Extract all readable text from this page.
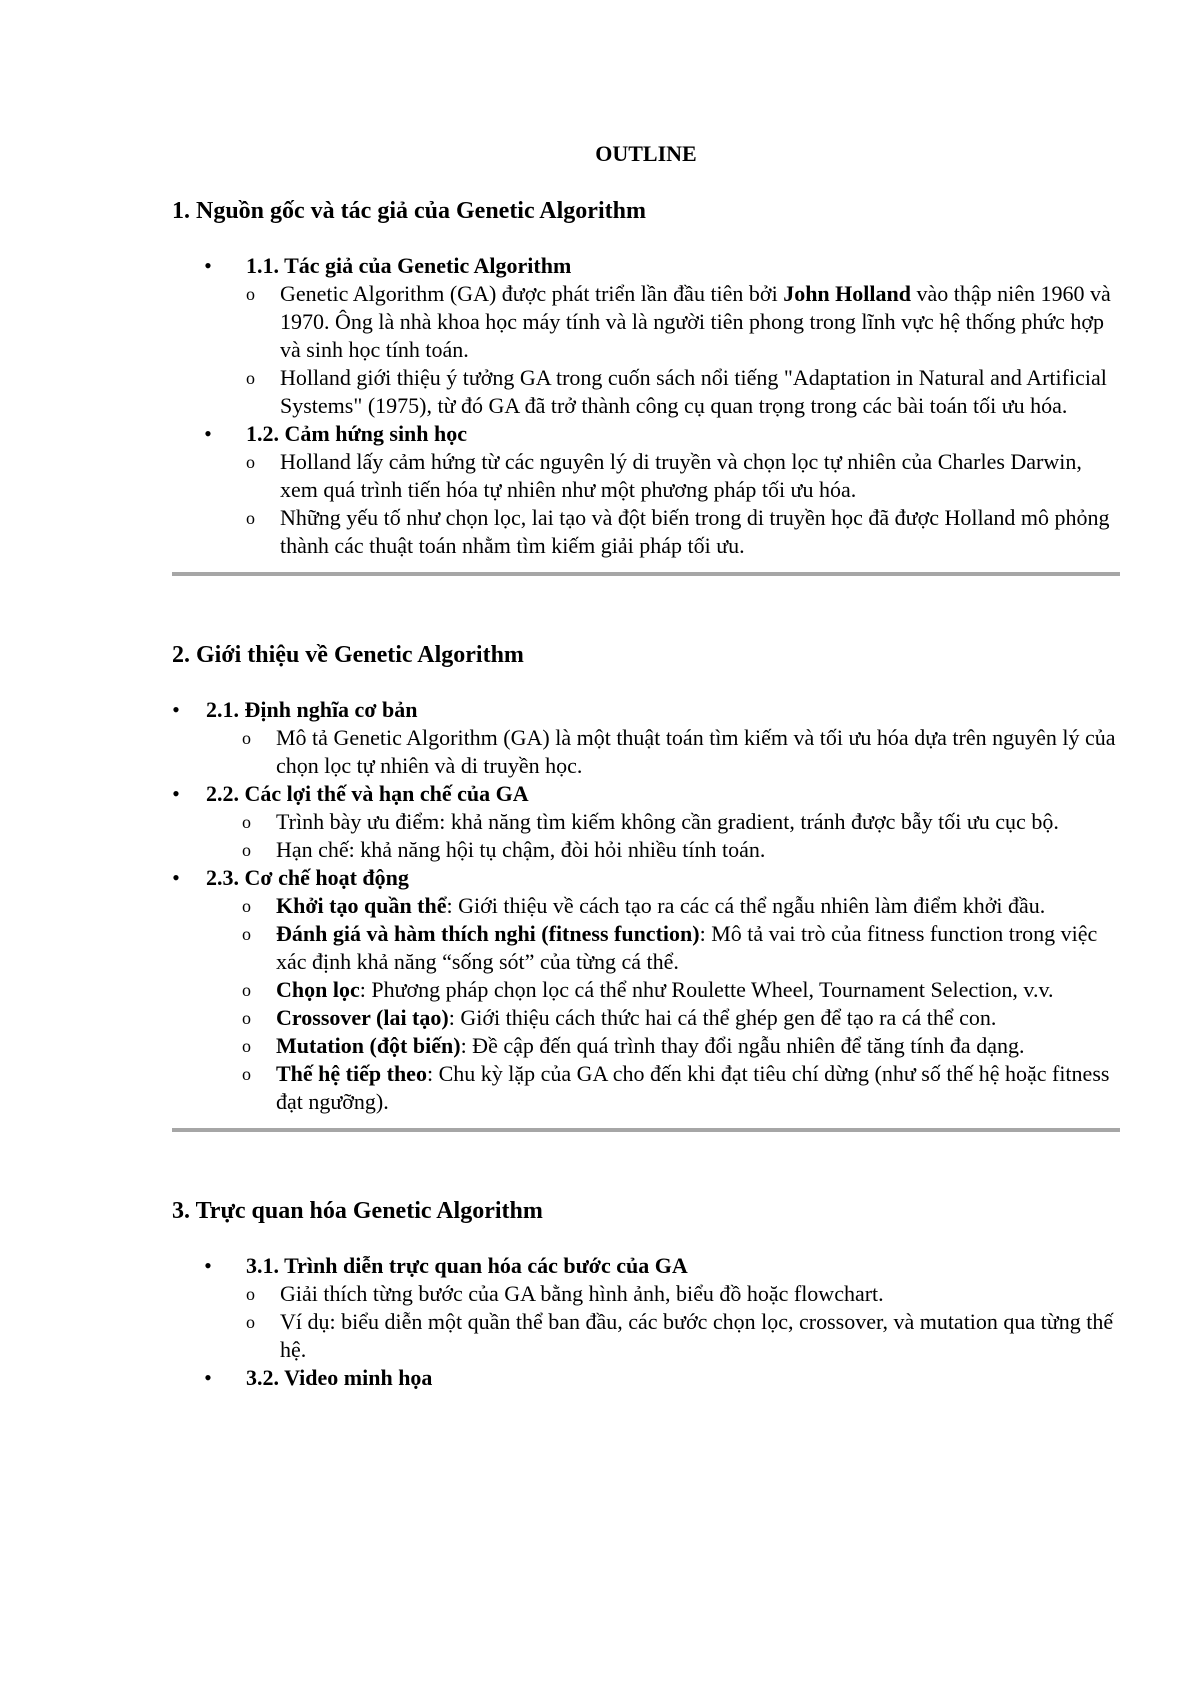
OUTLINE
1. Nguồn gốc và tác giả của Genetic Algorithm
• 1.1. Tác giả của Genetic Algorithm
o Genetic Algorithm (GA) được phát triển lần đầu tiên bởi John Holland vào thập niên 1960 và 1970. Ông là nhà khoa học máy tính và là người tiên phong trong lĩnh vực hệ thống phức hợp và sinh học tính toán.
o Holland giới thiệu ý tưởng GA trong cuốn sách nổi tiếng "Adaptation in Natural and Artificial Systems" (1975), từ đó GA đã trở thành công cụ quan trọng trong các bài toán tối ưu hóa.
• 1.2. Cảm hứng sinh học
o Holland lấy cảm hứng từ các nguyên lý di truyền và chọn lọc tự nhiên của Charles Darwin, xem quá trình tiến hóa tự nhiên như một phương pháp tối ưu hóa.
o Những yếu tố như chọn lọc, lai tạo và đột biến trong di truyền học đã được Holland mô phỏng thành các thuật toán nhằm tìm kiếm giải pháp tối ưu.
2. Giới thiệu về Genetic Algorithm
• 2.1. Định nghĩa cơ bản
o Mô tả Genetic Algorithm (GA) là một thuật toán tìm kiếm và tối ưu hóa dựa trên nguyên lý của chọn lọc tự nhiên và di truyền học.
• 2.2. Các lợi thế và hạn chế của GA
o Trình bày ưu điểm: khả năng tìm kiếm không cần gradient, tránh được bẫy tối ưu cục bộ.
o Hạn chế: khả năng hội tụ chậm, đòi hỏi nhiều tính toán.
• 2.3. Cơ chế hoạt động
o Khởi tạo quần thể: Giới thiệu về cách tạo ra các cá thể ngẫu nhiên làm điểm khởi đầu.
o Đánh giá và hàm thích nghi (fitness function): Mô tả vai trò của fitness function trong việc xác định khả năng “sống sót” của từng cá thể.
o Chọn lọc: Phương pháp chọn lọc cá thể như Roulette Wheel, Tournament Selection, v.v.
o Crossover (lai tạo): Giới thiệu cách thức hai cá thể ghép gen để tạo ra cá thể con.
o Mutation (đột biến): Đề cập đến quá trình thay đổi ngẫu nhiên để tăng tính đa dạng.
o Thế hệ tiếp theo: Chu kỳ lặp của GA cho đến khi đạt tiêu chí dừng (như số thế hệ hoặc fitness đạt ngưỡng).
3. Trực quan hóa Genetic Algorithm
• 3.1. Trình diễn trực quan hóa các bước của GA
o Giải thích từng bước của GA bằng hình ảnh, biểu đồ hoặc flowchart.
o Ví dụ: biểu diễn một quần thể ban đầu, các bước chọn lọc, crossover, và mutation qua từng thế hệ.
• 3.2. Video minh họa
